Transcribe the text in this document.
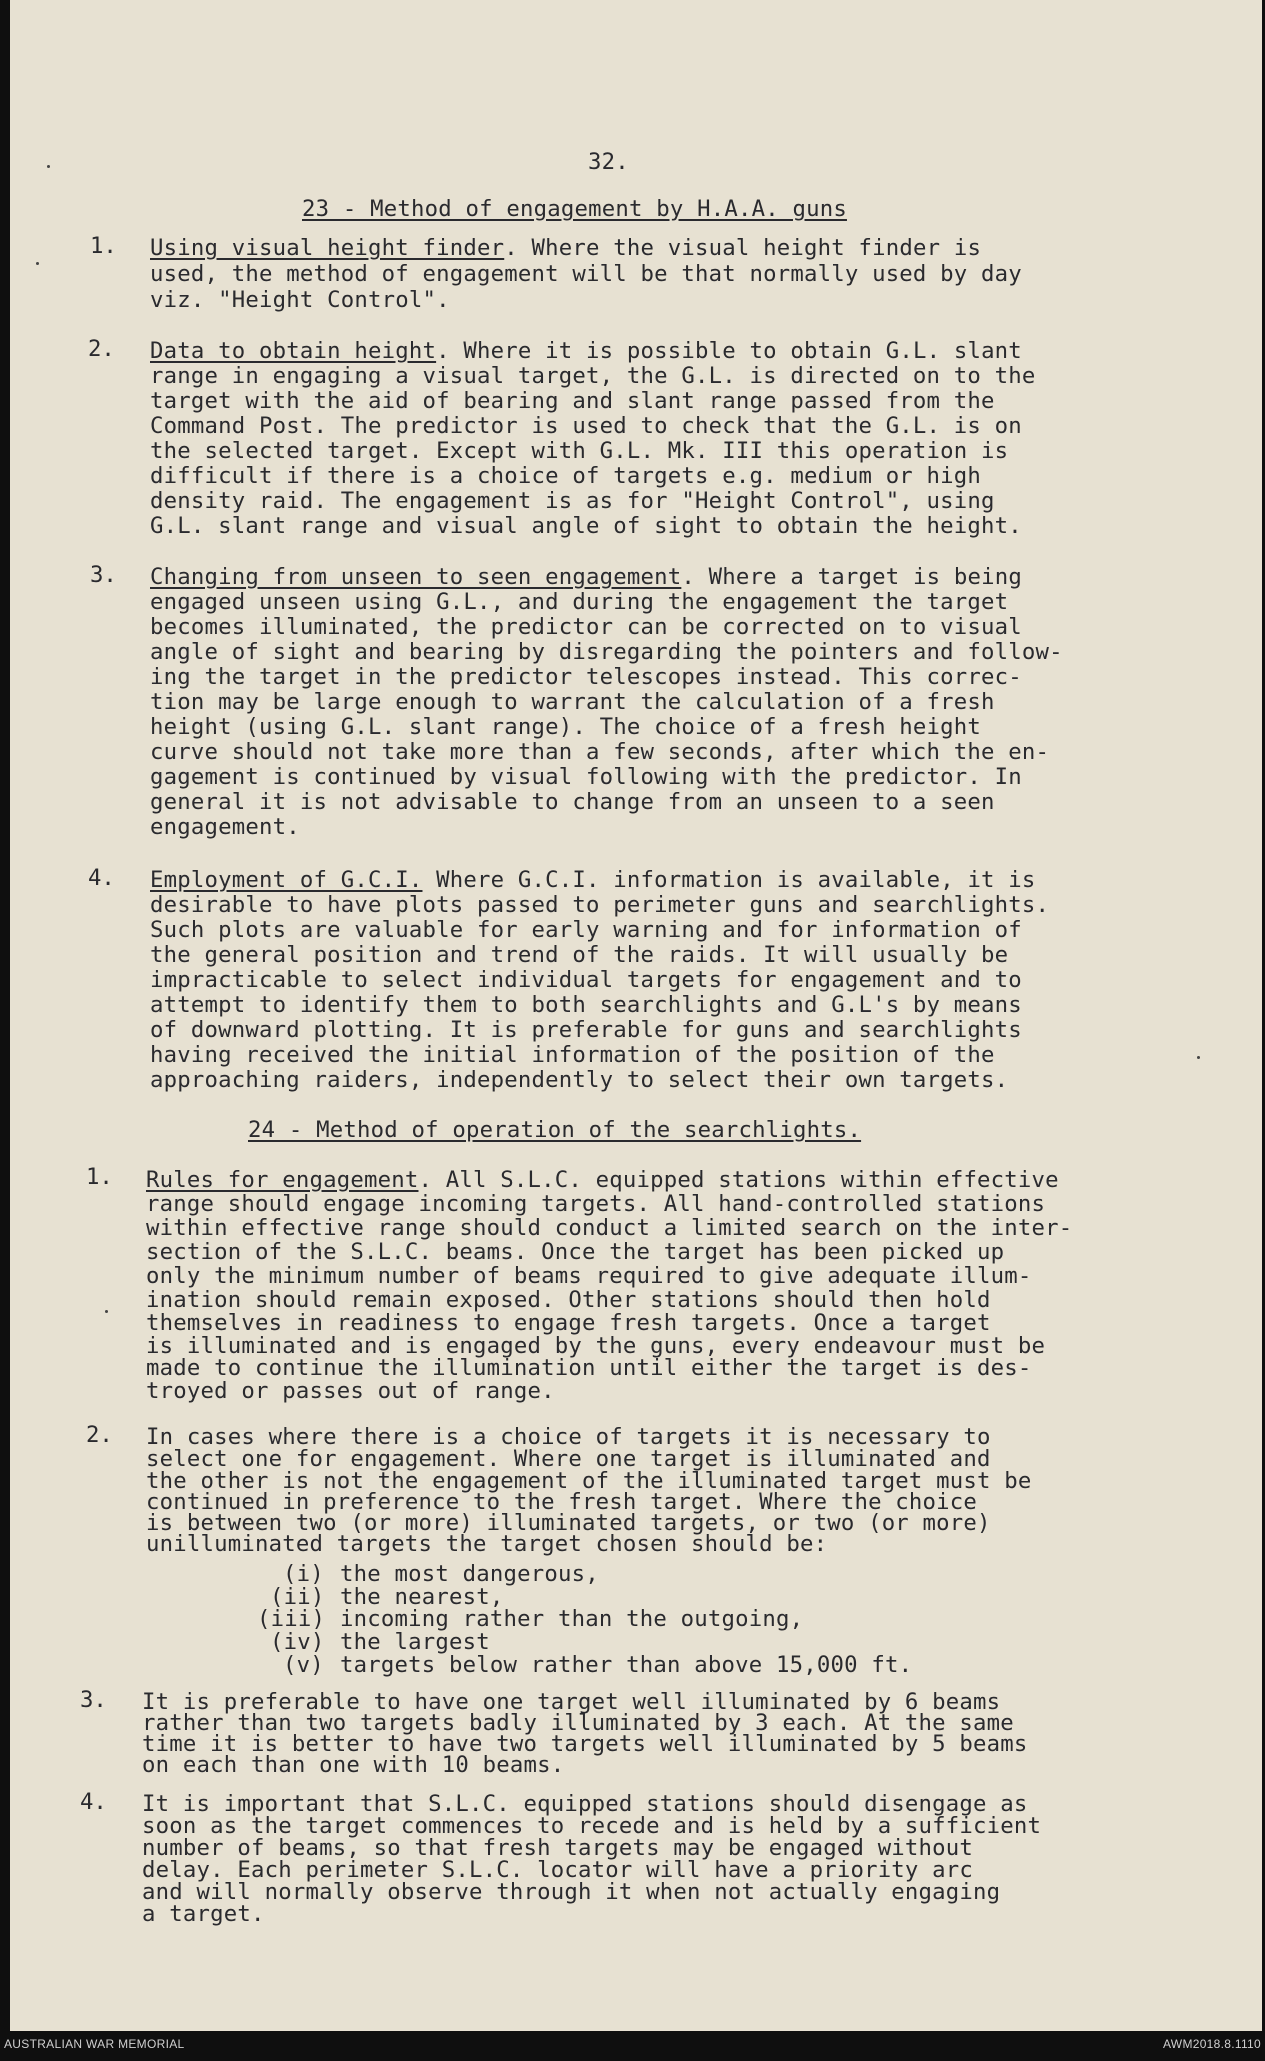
32.
23 - Method of engagement by H.A.A. guns
1. Using visual height finder. Where the visual height finder is
used, the method of engagement will be that normally used by day
viz. "Height Control".
2. Data to obtain height. Where it is possible to obtain G.L. slant
range in engaging a visual target, the G.L. is directed on to the
target with the aid of bearing and slant range passed from the
Command Post. The predictor is used to check that the G.L. is on
the selected target. Except with G.L. Mk. III this operation is
difficult if there is a choice of targets e.g. medium or high
density raid. The engagement is as for "Height Control", using
G.L. slant range and visual angle of sight to obtain the height.
3. Changing from unseen to seen engagement. Where a target is being
engaged unseen using G.L., and during the engagement the target
becomes illuminated, the predictor can be corrected on to visual
angle of sight and bearing by disregarding the pointers and follow-
ing the target in the predictor telescopes instead. This correc-
tion may be large enough to warrant the calculation of a fresh
height (using G.L. slant range). The choice of a fresh height
curve should not take more than a few seconds, after which the en-
gagement is continued by visual following with the predictor. In
general it is not advisable to change from an unseen to a seen
engagement.
4. Employment of G.C.I. Where G.C.I. information is available, it is
desirable to have plots passed to perimeter guns and searchlights.
Such plots are valuable for early warning and for information of
the general position and trend of the raids. It will usually be
impracticable to select individual targets for engagement and to
attempt to identify them to both searchlights and G.L's by means
of downward plotting. It is preferable for guns and searchlights
having received the initial information of the position of the
approaching raiders, independently to select their own targets.
24 - Method of operation of the searchlights.
1. Rules for engagement. All S.L.C. equipped stations within effective
range should engage incoming targets. All hand-controlled stations
within effective range should conduct a limited search on the inter-
section of the S.L.C. beams. Once the target has been picked up
only the minimum number of beams required to give adequate illum-
ination should remain exposed. Other stations should then hold
themselves in readiness to engage fresh targets. Once a target
is illuminated and is engaged by the guns, every endeavour must be
made to continue the illumination until either the target is des-
troyed or passes out of range.
2. In cases where there is a choice of targets it is necessary to
select one for engagement. Where one target is illuminated and
the other is not the engagement of the illuminated target must be
continued in preference to the fresh target. Where the choice
is between two (or more) illuminated targets, or two (or more)
unilluminated targets the target chosen should be:
(i) the most dangerous,
(ii) the nearest,
(iii) incoming rather than the outgoing,
(iv) the largest
(v) targets below rather than above 15,000 ft.
3. It is preferable to have one target well illuminated by 6 beams
rather than two targets badly illuminated by 3 each. At the same
time it is better to have two targets well illuminated by 5 beams
on each than one with 10 beams.
4. It is important that S.L.C. equipped stations should disengage as
soon as the target commences to recede and is held by a sufficient
number of beams, so that fresh targets may be engaged without
delay. Each perimeter S.L.C. locator will have a priority arc
and will normally observe through it when not actually engaging
a target.
AUSTRALIAN WAR MEMORIAL	AWM2018.8.1110
